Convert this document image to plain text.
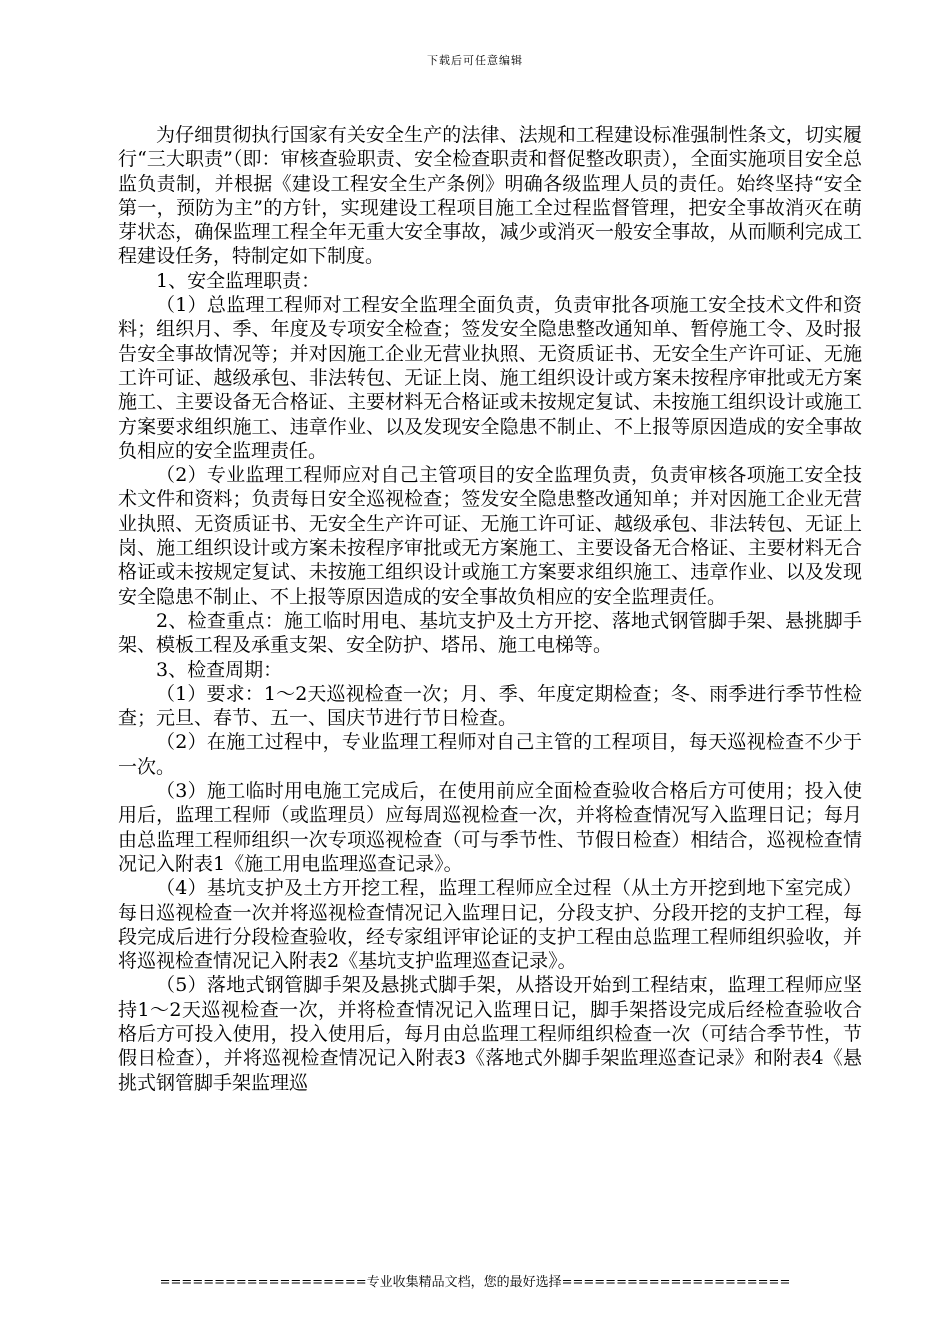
下载后可任意编辑

为仔细贯彻执行国家有关安全生产的法律、法规和工程建设标准强制性条文，切实履行“三大职责”（即：审核查验职责、安全检查职责和督促整改职责），全面实施项目安全总监负责制，并根据《建设工程安全生产条例》明确各级监理人员的责任。始终坚持“安全第一，预防为主”的方针，实现建设工程项目施工全过程监督管理，把安全事故消灭在萌芽状态，确保监理工程全年无重大安全事故，减少或消灭一般安全事故，从而顺利完成工程建设任务，特制定如下制度。

1、安全监理职责：

（1）总监理工程师对工程安全监理全面负责，负责审批各项施工安全技术文件和资料；组织月、季、年度及专项安全检查；签发安全隐患整改通知单、暂停施工令、及时报告安全事故情况等；并对因施工企业无营业执照、无资质证书、无安全生产许可证、无施工许可证、越级承包、非法转包、无证上岗、施工组织设计或方案未按程序审批或无方案施工、主要设备无合格证、主要材料无合格证或未按规定复试、未按施工组织设计或施工方案要求组织施工、违章作业、以及发现安全隐患不制止、不上报等原因造成的安全事故负相应的安全监理责任。

（2）专业监理工程师应对自己主管项目的安全监理负责，负责审核各项施工安全技术文件和资料；负责每日安全巡视检查；签发安全隐患整改通知单；并对因施工企业无营业执照、无资质证书、无安全生产许可证、无施工许可证、越级承包、非法转包、无证上岗、施工组织设计或方案未按程序审批或无方案施工、主要设备无合格证、主要材料无合格证或未按规定复试、未按施工组织设计或施工方案要求组织施工、违章作业、以及发现安全隐患不制止、不上报等原因造成的安全事故负相应的安全监理责任。

2、检查重点：施工临时用电、基坑支护及土方开挖、落地式钢管脚手架、悬挑脚手架、模板工程及承重支架、安全防护、塔吊、施工电梯等。

3、检查周期：

（1）要求：1～2天巡视检查一次；月、季、年度定期检查；冬、雨季进行季节性检查；元旦、春节、五一、国庆节进行节日检查。

（2）在施工过程中，专业监理工程师对自己主管的工程项目，每天巡视检查不少于一次。

（3）施工临时用电施工完成后，在使用前应全面检查验收合格后方可使用；投入使用后，监理工程师（或监理员）应每周巡视检查一次，并将检查情况写入监理日记；每月由总监理工程师组织一次专项巡视检查（可与季节性、节假日检查）相结合，巡视检查情况记入附表1《施工用电监理巡查记录》。

（4）基坑支护及土方开挖工程，监理工程师应全过程（从土方开挖到地下室完成）每日巡视检查一次并将巡视检查情况记入监理日记，分段支护、分段开挖的支护工程，每段完成后进行分段检查验收，经专家组评审论证的支护工程由总监理工程师组织验收，并将巡视检查情况记入附表2《基坑支护监理巡查记录》。

（5）落地式钢管脚手架及悬挑式脚手架，从搭设开始到工程结束，监理工程师应坚持1～2天巡视检查一次，并将检查情况记入监理日记，脚手架搭设完成后经检查验收合格后方可投入使用，投入使用后，每月由总监理工程师组织检查一次（可结合季节性，节假日检查），并将巡视检查情况记入附表3《落地式外脚手架监理巡查记录》和附表4《悬挑式钢管脚手架监理巡

===================专业收集精品文档，您的最好选择=====================
